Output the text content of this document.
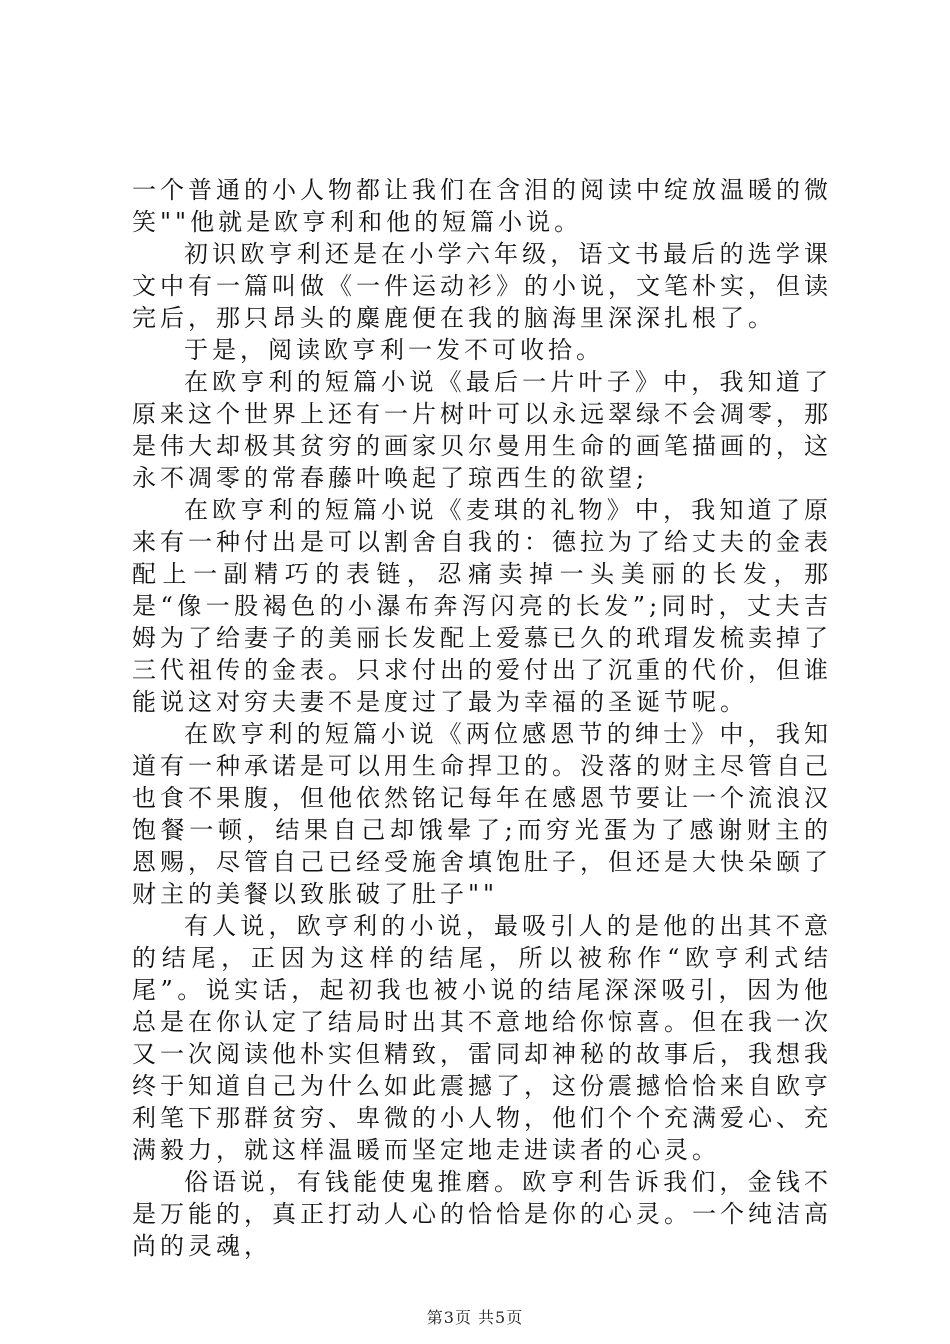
一个普通的小人物都让我们在含泪的阅读中绽放温暖的微笑""他就是欧亨利和他的短篇小说。

初识欧亨利还是在小学六年级，语文书最后的选学课文中有一篇叫做《一件运动衫》的小说，文笔朴实，但读完后，那只昂头的麋鹿便在我的脑海里深深扎根了。

于是，阅读欧亨利一发不可收拾。

在欧亨利的短篇小说《最后一片叶子》中，我知道了原来这个世界上还有一片树叶可以永远翠绿不会凋零，那是伟大却极其贫穷的画家贝尔曼用生命的画笔描画的，这永不凋零的常春藤叶唤起了琼西生的欲望;

在欧亨利的短篇小说《麦琪的礼物》中，我知道了原来有一种付出是可以割舍自我的：德拉为了给丈夫的金表配上一副精巧的表链，忍痛卖掉一头美丽的长发，那是“像一股褐色的小瀑布奔泻闪亮的长发”;同时，丈夫吉姆为了给妻子的美丽长发配上爱慕已久的玳瑁发梳卖掉了三代祖传的金表。只求付出的爱付出了沉重的代价，但谁能说这对穷夫妻不是度过了最为幸福的圣诞节呢。

在欧亨利的短篇小说《两位感恩节的绅士》中，我知道有一种承诺是可以用生命捍卫的。没落的财主尽管自己也食不果腹，但他依然铭记每年在感恩节要让一个流浪汉饱餐一顿，结果自己却饿晕了;而穷光蛋为了感谢财主的恩赐，尽管自己已经受施舍填饱肚子，但还是大快朵颐了财主的美餐以致胀破了肚子""

有人说，欧亨利的小说，最吸引人的是他的出其不意的结尾，正因为这样的结尾，所以被称作“欧亨利式结尾”。说实话，起初我也被小说的结尾深深吸引，因为他总是在你认定了结局时出其不意地给你惊喜。但在我一次又一次阅读他朴实但精致，雷同却神秘的故事后，我想我终于知道自己为什么如此震撼了，这份震撼恰恰来自欧亨利笔下那群贫穷、卑微的小人物，他们个个充满爱心、充满毅力，就这样温暖而坚定地走进读者的心灵。

俗语说，有钱能使鬼推磨。欧亨利告诉我们，金钱不是万能的，真正打动人心的恰恰是你的心灵。一个纯洁高尚的灵魂，

第3页 共5页
